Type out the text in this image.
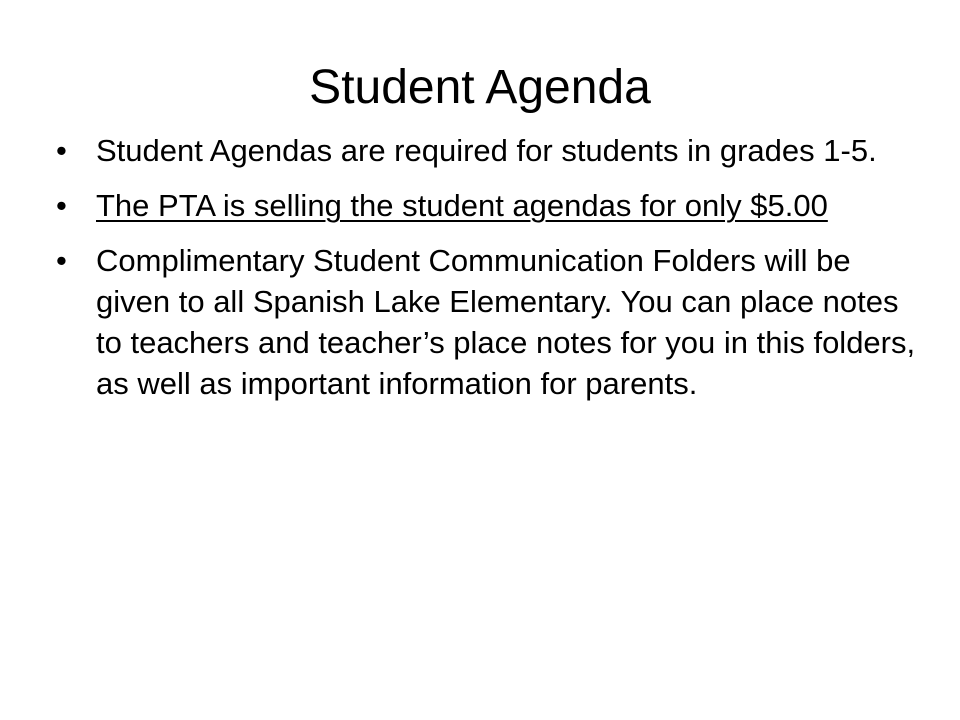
Student Agenda
• Student Agendas are required for students in grades 1-5.
• The PTA is selling the student agendas for only $5.00
• Complimentary Student Communication Folders will be given to all Spanish Lake Elementary. You can place notes to teachers and teacher’s place notes for you in this folders, as well as important information for parents.
